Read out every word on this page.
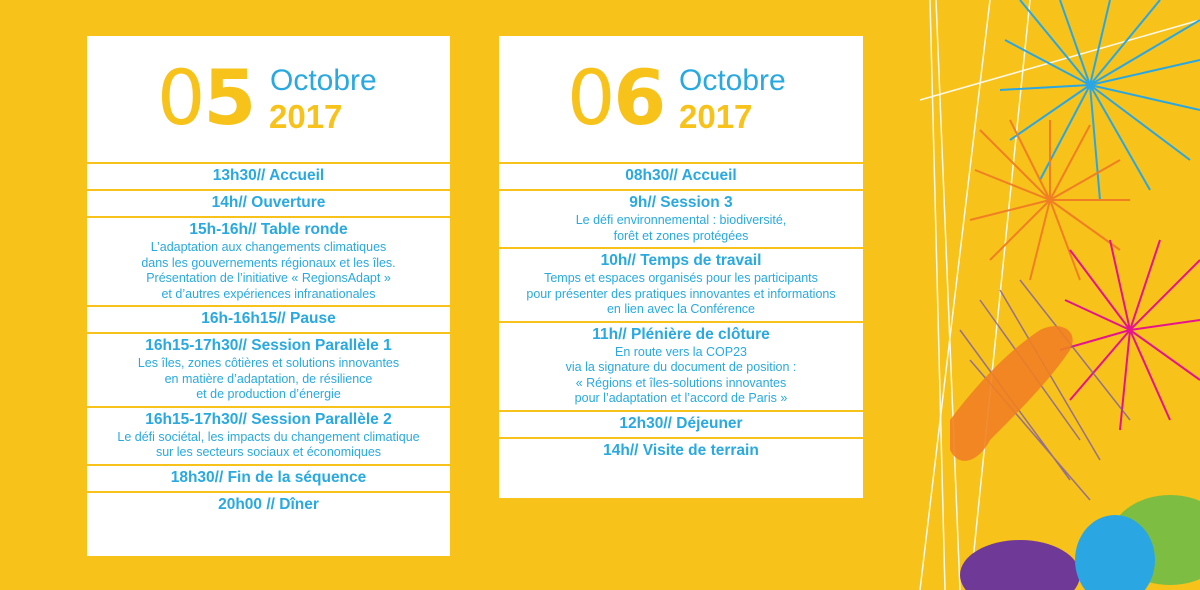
05 Octobre
2017
13h30// Accueil
14h// Ouverture
15h-16h// Table ronde
L’adaptation aux changements climatiques
dans les gouvernements régionaux et les îles.
Présentation de l’initiative « RegionsAdapt »
et d’autres expériences infranationales
16h-16h15// Pause
16h15-17h30// Session Parallèle 1
Les îles, zones côtières et solutions innovantes
en matière d’adaptation, de résilience
et de production d’énergie
16h15-17h30// Session Parallèle 2
Le défi sociétal, les impacts du changement climatique
sur les secteurs sociaux et économiques
18h30// Fin de la séquence
20h00 // Dîner
06 Octobre
2017
08h30// Accueil
9h// Session 3
Le défi environnemental : biodiversité,
forêt et zones protégées
10h// Temps de travail
Temps et espaces organisés pour les participants
pour présenter des pratiques innovantes et informations
en lien avec la Conférence
11h// Plénière de clôture
En route vers la COP23
via la signature du document de position :
« Régions et îles-solutions innovantes
pour l’adaptation et l’accord de Paris »
12h30// Déjeuner
14h// Visite de terrain
